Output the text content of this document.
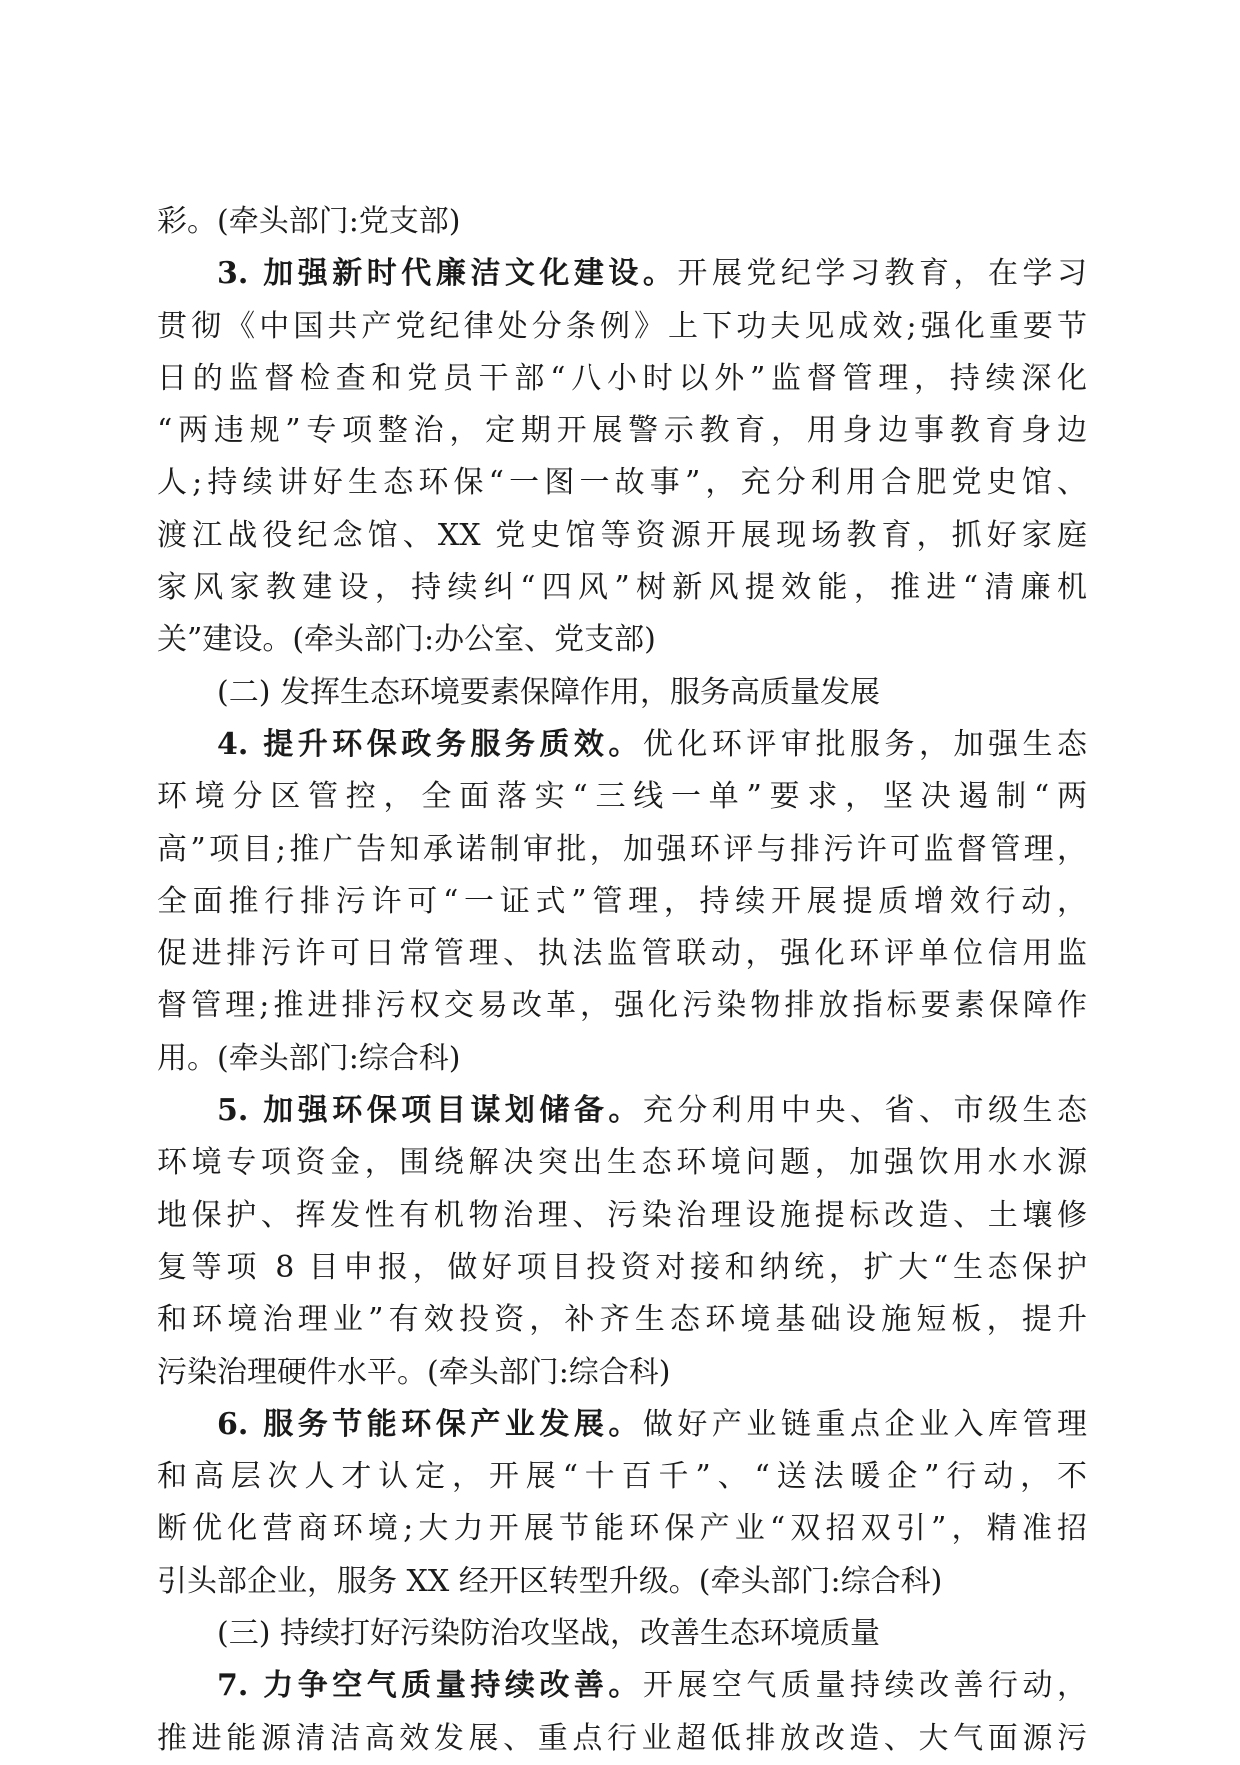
彩。(牵头部门:党支部)
3. 加强新时代廉洁文化建设。开展党纪学习教育，在学习
贯彻《中国共产党纪律处分条例》上下功夫见成效;强化重要节
日的监督检查和党员干部“八小时以外”监督管理，持续深化
“两违规”专项整治，定期开展警示教育，用身边事教育身边
人;持续讲好生态环保“一图一故事”，充分利用合肥党史馆、
渡江战役纪念馆、XX 党史馆等资源开展现场教育，抓好家庭
家风家教建设，持续纠“四风”树新风提效能，推进“清廉机
关”建设。(牵头部门:办公室、党支部)
(二) 发挥生态环境要素保障作用，服务高质量发展
4. 提升环保政务服务质效。优化环评审批服务，加强生态
环境分区管控，全面落实“三线一单”要求，坚决遏制“两
高”项目;推广告知承诺制审批，加强环评与排污许可监督管理，
全面推行排污许可“一证式”管理，持续开展提质增效行动，
促进排污许可日常管理、执法监管联动，强化环评单位信用监
督管理;推进排污权交易改革，强化污染物排放指标要素保障作
用。(牵头部门:综合科)
5. 加强环保项目谋划储备。充分利用中央、省、市级生态
环境专项资金，围绕解决突出生态环境问题，加强饮用水水源
地保护、挥发性有机物治理、污染治理设施提标改造、土壤修
复等项 8 目申报，做好项目投资对接和纳统，扩大“生态保护
和环境治理业”有效投资，补齐生态环境基础设施短板，提升
污染治理硬件水平。(牵头部门:综合科)
6. 服务节能环保产业发展。做好产业链重点企业入库管理
和高层次人才认定，开展“十百千”、“送法暖企”行动，不
断优化营商环境;大力开展节能环保产业“双招双引”，精准招
引头部企业，服务 XX 经开区转型升级。(牵头部门:综合科)
(三) 持续打好污染防治攻坚战，改善生态环境质量
7. 力争空气质量持续改善。开展空气质量持续改善行动，
推进能源清洁高效发展、重点行业超低排放改造、大气面源污
